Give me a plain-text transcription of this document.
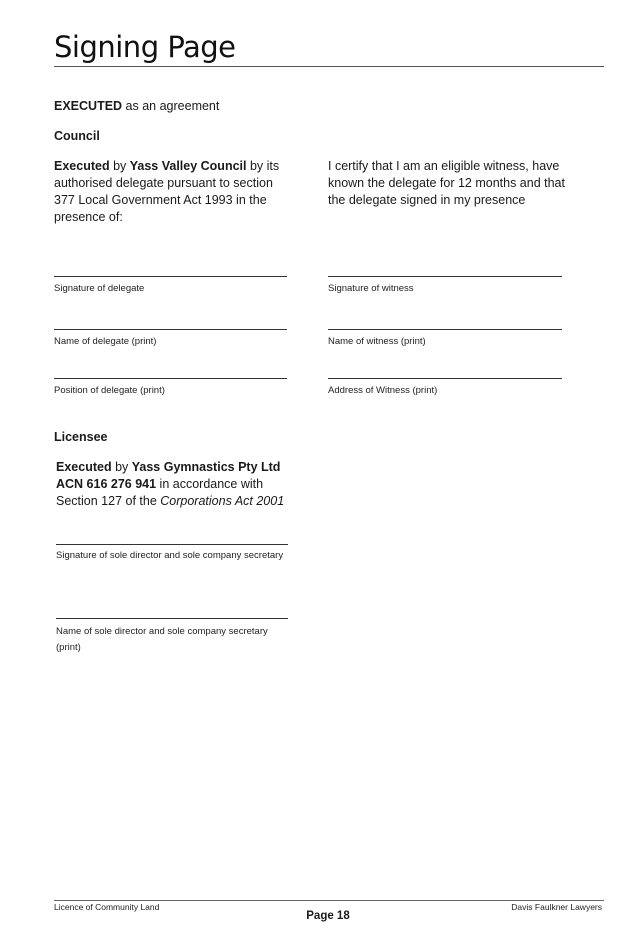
Signing Page
EXECUTED as an agreement
Council
Executed by Yass Valley Council by its authorised delegate pursuant to section 377 Local Government Act 1993 in the presence of:
I certify that I am an eligible witness, have known the delegate for 12 months and that the delegate signed in my presence
Signature of delegate
Name of delegate (print)
Position of delegate (print)
Signature of witness
Name of witness (print)
Address of Witness (print)
Licensee
Executed by Yass Gymnastics Pty Ltd
ACN 616 276 941 in accordance with Section 127 of the Corporations Act 2001
Signature of sole director and sole company secretary
Name of sole director and sole company secretary (print)
Licence of Community Land	Davis Faulkner Lawyers
Page 18
